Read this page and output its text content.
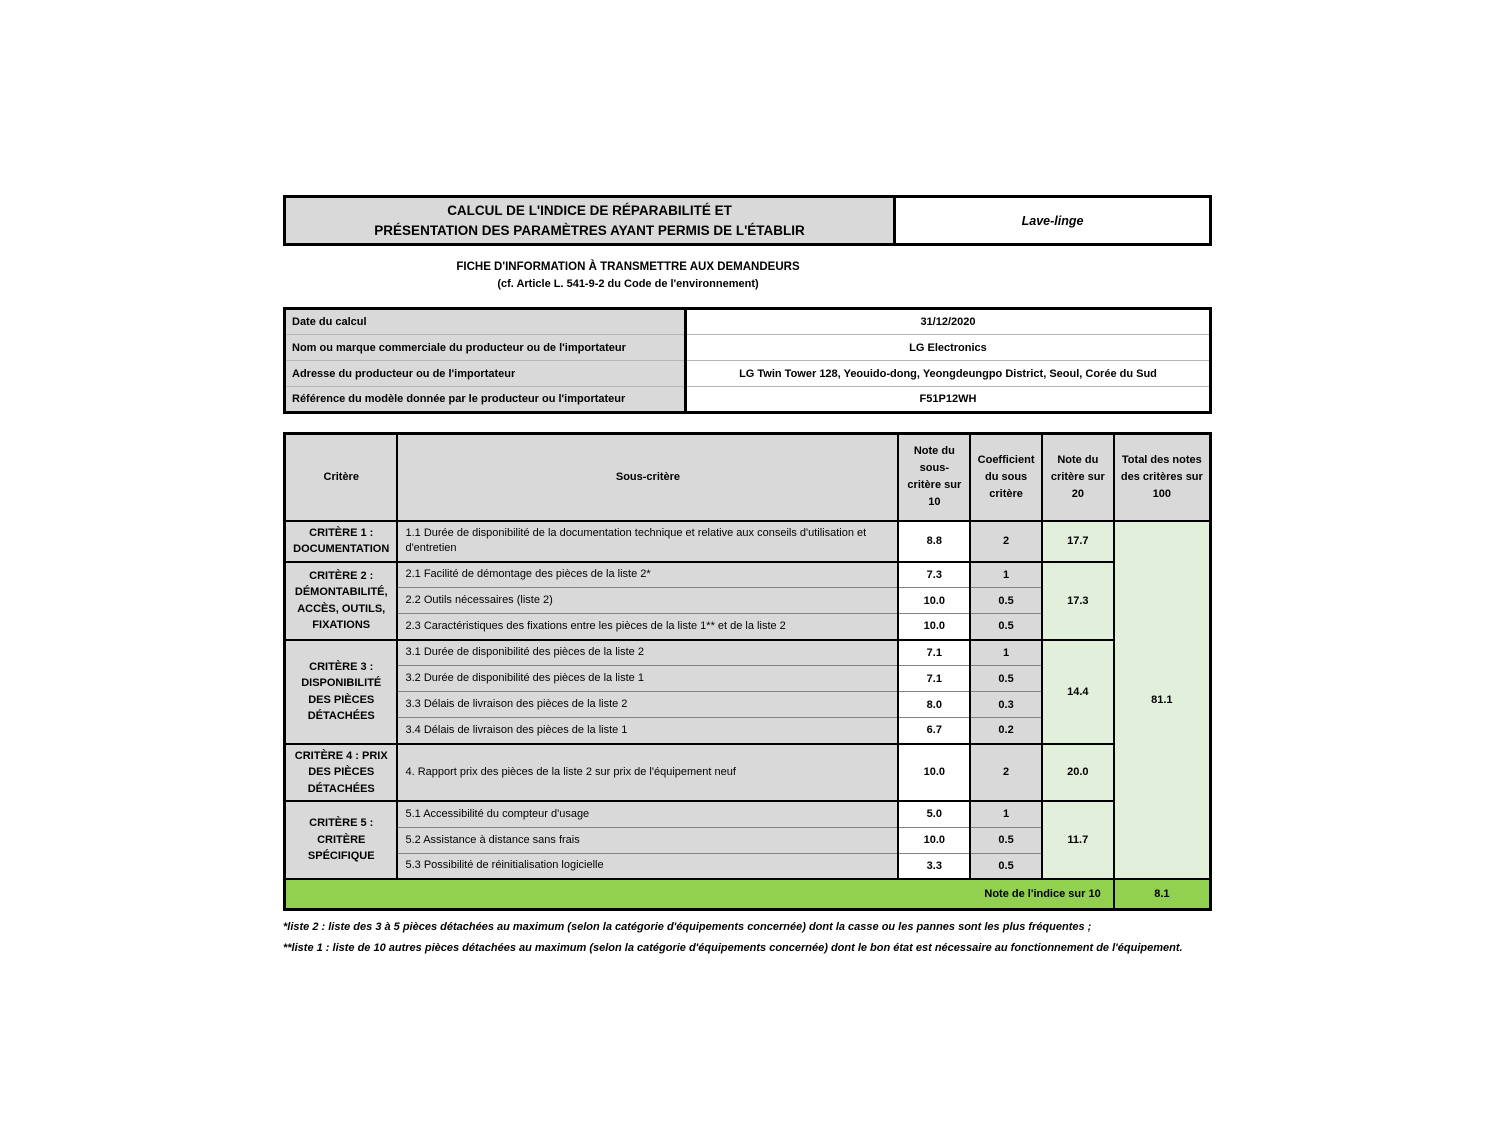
CALCUL DE L'INDICE DE RÉPARABILITÉ ET
PRÉSENTATION DES PARAMÈTRES AYANT PERMIS DE L'ÉTABLIR
Lave-linge
FICHE D'INFORMATION À TRANSMETTRE AUX DEMANDEURS
(cf. Article L. 541-9-2 du Code de l'environnement)
Date du calcul	31/12/2020
Nom ou marque commerciale du producteur ou de l'importateur	LG Electronics
Adresse du producteur ou de l'importateur	LG Twin Tower 128, Yeouido-dong, Yeongdeungpo District, Seoul, Corée du Sud
Référence du modèle donnée par le producteur ou l'importateur	F51P12WH
Critère	Sous-critère	Note du sous-critère sur 10	Coefficient du sous critère	Note du critère sur 20	Total des notes des critères sur 100
CRITÈRE 1 : DOCUMENTATION	1.1 Durée de disponibilité de la documentation technique et relative aux conseils d'utilisation et d'entretien	8.8	2	17.7	81.1
CRITÈRE 2 : DÉMONTABILITÉ, ACCÈS, OUTILS, FIXATIONS	2.1 Facilité de démontage des pièces de la liste 2*	7.3	1	17.3	
	2.2 Outils nécessaires (liste 2)	10.0	0.5		
	2.3 Caractéristiques des fixations entre les pièces de la liste 1** et de la liste 2	10.0	0.5		
CRITÈRE 3 : DISPONIBILITÉ DES PIÈCES DÉTACHÉES	3.1 Durée de disponibilité des pièces de la liste 2	7.1	1	14.4	
	3.2 Durée de disponibilité des pièces de la liste 1	7.1	0.5		
	3.3 Délais de livraison des pièces de la liste 2	8.0	0.3		
	3.4 Délais de livraison des pièces de la liste 1	6.7	0.2		
CRITÈRE 4 : PRIX DES PIÈCES DÉTACHÉES	4. Rapport prix des pièces de la liste 2 sur prix de l'équipement neuf	10.0	2	20.0	
CRITÈRE 5 : CRITÈRE SPÉCIFIQUE	5.1 Accessibilité du compteur d'usage	5.0	1	11.7	
	5.2 Assistance à distance sans frais	10.0	0.5		
	5.3 Possibilité de réinitialisation logicielle	3.3	0.5		
Note de l'indice sur 10					8.1
*liste 2 : liste des 3 à 5 pièces détachées au maximum (selon la catégorie d'équipements concernée) dont la casse ou les pannes sont les plus fréquentes ;
**liste 1 : liste de 10 autres pièces détachées au maximum (selon la catégorie d'équipements concernée) dont le bon état est nécessaire au fonctionnement de l'équipement.
